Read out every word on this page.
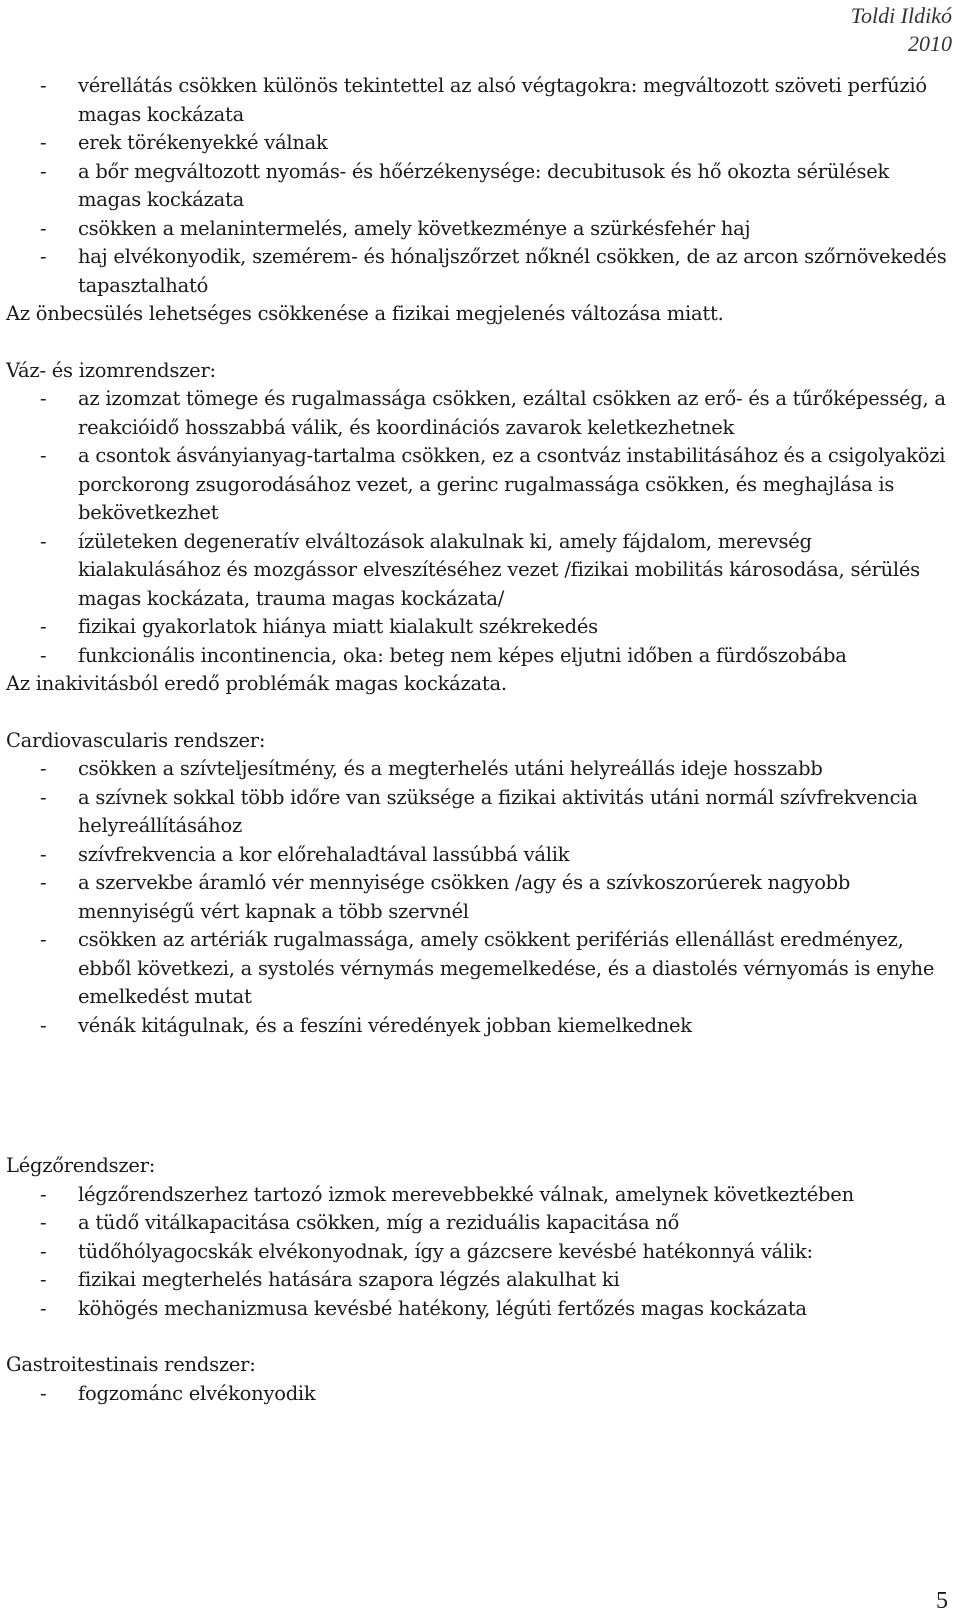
Toldi Ildikó
2010
-	vérellátás csökken különös tekintettel az alsó végtagokra: megváltozott szöveti perfúzió magas kockázata
-	erek törékenyekké válnak
-	a bőr megváltozott nyomás- és hőérzékenysége: decubitusok és hő okozta sérülések magas kockázata
-	csökken a melanintermelés, amely következménye a szürkésfehér haj
-	haj elvékonyodik, szemérem- és hónaljszőrzet nőknél csökken, de az arcon szőrnövekedés tapasztalható
Az önbecsülés lehetséges csökkenése a fizikai megjelenés változása miatt.
Váz- és izomrendszer:
-	az izomzat tömege és rugalmassága csökken, ezáltal csökken az erő- és a tűrőképesség, a reakcióidő hosszabbá válik, és koordinációs zavarok keletkezhetnek
-	a csontok ásványianyag-tartalma csökken, ez a csontváz instabilitásához és a csigolyaközi porckorong zsugorodásához vezet, a gerinc rugalmassága csökken, és meghajlása is bekövetkezhet
-	ízületeken degeneratív elváltozások alakulnak ki, amely fájdalom, merevség kialakulásához és mozgássor elveszítéséhez vezet /fizikai mobilitás károsodása, sérülés magas kockázata, trauma magas kockázata/
-	fizikai gyakorlatok hiánya miatt kialakult székrekedés
-	funkcionális incontinencia, oka: beteg nem képes eljutni időben a fürdőszobába
Az inakivitásból eredő problémák magas kockázata.
Cardiovascularis rendszer:
-	csökken a szívteljesítmény, és a megterhelés utáni helyreállás ideje hosszabb
-	a szívnek sokkal több időre van szüksége a fizikai aktivitás utáni normál szívfrekvencia helyreállításához
-	szívfrekvencia a kor előrehaladtával lassúbbá válik
-	a szervekbe áramló vér mennyisége csökken /agy és a szívkoszorúerek nagyobb mennyiségű vért kapnak a több szervnél
-	csökken az artériák rugalmassága, amely csökkent perifériás ellenállást eredményez, ebből következi, a systolés vérnymás megemelkedése, és a diastolés vérnyomás is enyhe emelkedést mutat
-	vénák kitágulnak, és a feszíni véredények jobban kiemelkednek
Légzőrendszer:
-	légzőrendszerhez tartozó izmok merevebbekké válnak, amelynek következtében
-	a tüdő vitálkapacitása csökken, míg a reziduális kapacitása nő
-	tüdőhólyagocskák elvékonyodnak, így a gázcsere kevésbé hatékonnyá válik:
-	fizikai megterhelés hatására szapora légzés alakulhat ki
-	köhögés mechanizmusa kevésbé hatékony, légúti fertőzés magas kockázata
Gastroitestinais rendszer:
-	fogzománc elvékonyodik
5
